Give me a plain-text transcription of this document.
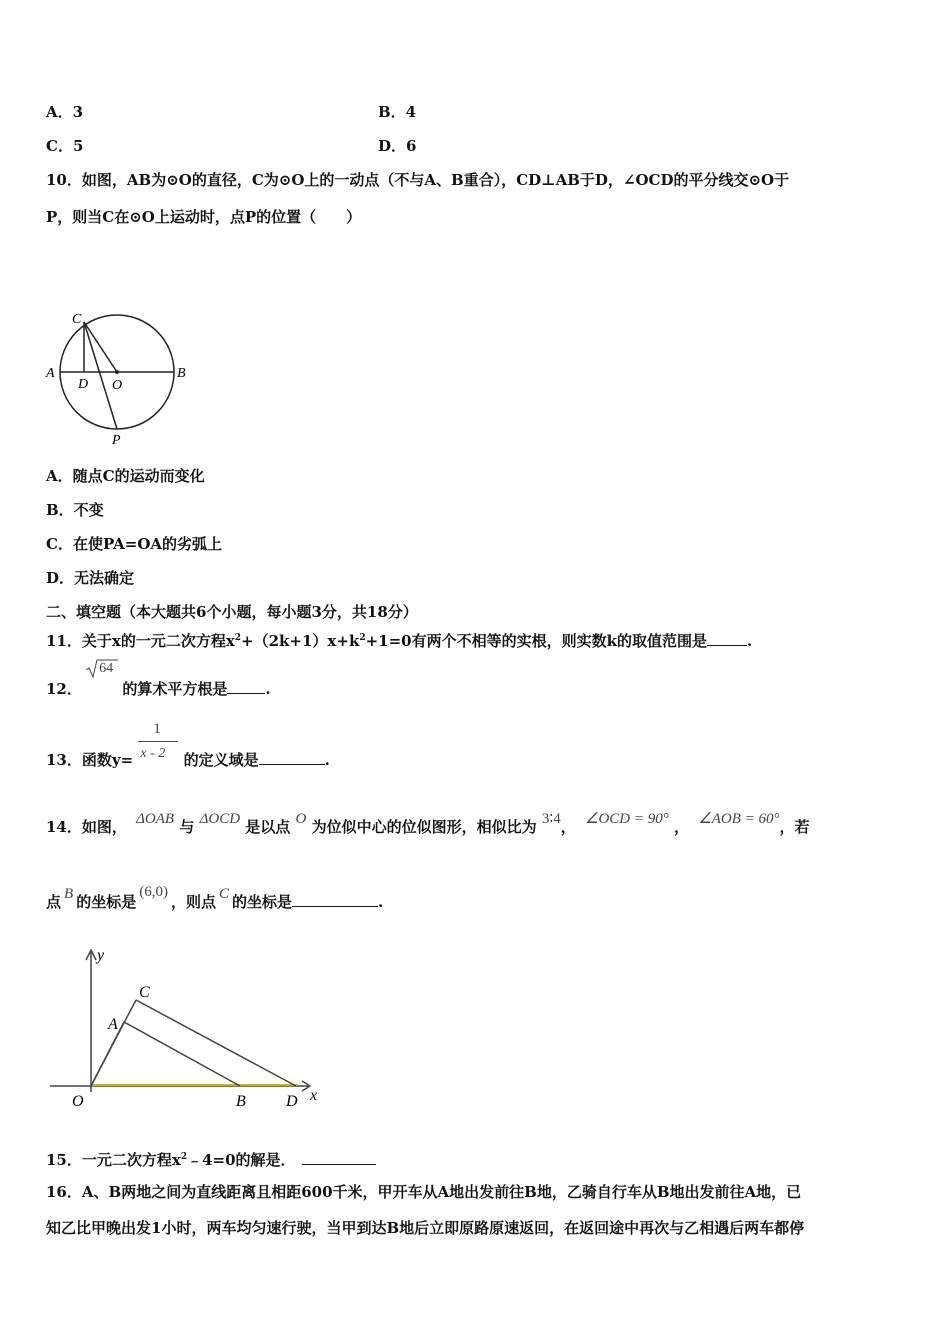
A．3	B．4
C．5	D．6
10．如图，AB为⊙O的直径，C为⊙O上的一动点（不与A、B重合），CD⊥AB于D，∠OCD的平分线交⊙O于
P，则当C在⊙O上运动时，点P的位置（　　）
C
A
D O
B
P
A．随点C的运动而变化
B．不变
C．在使PA=OA的劣弧上
D．无法确定
二、填空题（本大题共6个小题，每小题3分，共18分）
11．关于x的一元二次方程$x^2+(2k+1)x+k^2+1=0$有两个不相等的实根，则实数k的取值范围是	.
12．
64
的算术平方根是	.
13．函数$y= \frac{1}{x - 2}$ 的定义域是	.
14．如图， ΔOAB 与 ΔOCD 是以点 O 为位似中心的位似图形，相似比为 3∶4， ∠OCD = 90° ， ∠AOB = 60°，若
点 B 的坐标是(6,0)，则点 C 的坐标是	.
y
x
O
A
B
C
D
15．一元二次方程$x^2﹣4=0$的解是．
16．A、B两地之间为直线距离且相距600千米，甲开车从A地出发前往B地，乙骑自行车从B地出发前往A地，已
知乙比甲晚出发1小时，两车均匀速行驶，当甲到达B地后立即原路原速返回，在返回途中再次与乙相遇后两车都停
